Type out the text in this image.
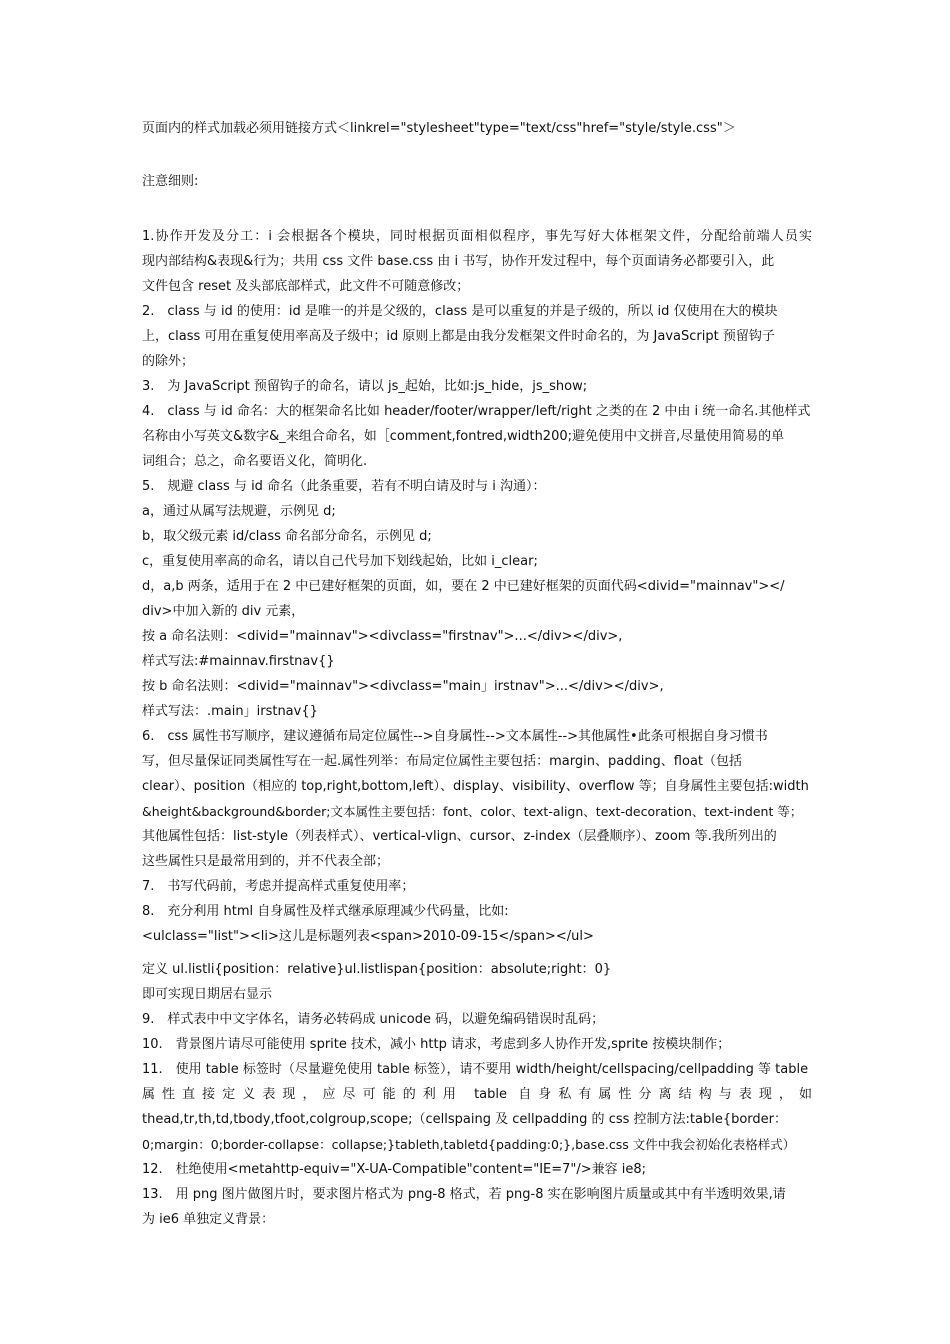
页面内的样式加载必须用链接方式＜linkrel="stylesheet"type="text/css"href="style/style.css"＞
注意细则:
1.协作开发及分工：i 会根据各个模块，同时根据页面相似程序，事先写好大体框架文件，分配给前端人员实
现内部结构&表现&行为；共用 css 文件 base.css 由 i 书写，协作开发过程中，每个页面请务必都要引入，此
文件包含 reset 及头部底部样式，此文件不可随意修改；
2.　class 与 id 的使用：id 是唯一的并是父级的，class 是可以重复的并是子级的，所以 id 仅使用在大的模块
上，class 可用在重复使用率高及子级中；id 原则上都是由我分发框架文件时命名的，为 JavaScript 预留钩子
的除外；
3.　为 JavaScript 预留钩子的命名，请以 js_起始，比如:js_hide，js_show;
4.　class 与 id 命名：大的框架命名比如 header/footer/wrapper/left/right 之类的在 2 中由 i 统一命名.其他样式
名称由小写英文&数字&_来组合命名，如［comment,fontred,width200;避免使用中文拼音,尽量使用简易的单
词组合；总之，命名要语义化，简明化.
5.　规避 class 与 id 命名（此条重要，若有不明白请及时与 i 沟通）：
a，通过从属写法规避，示例见 d;
b，取父级元素 id/class 命名部分命名，示例见 d;
c，重复使用率高的命名，请以自己代号加下划线起始，比如 i_clear;
d，a,b 两条，适用于在 2 中已建好框架的页面，如，要在 2 中已建好框架的页面代码<divid="mainnav"></
div>中加入新的 div 元素，
按 a 命名法则：<divid="mainnav"><divclass="firstnav">...</div></div>,
样式写法:#mainnav.firstnav{}
按 b 命名法则：<divid="mainnav"><divclass="main」irstnav">...</div></div>,
样式写法：.main」irstnav{}
6.　css 属性书写顺序，建议遵循布局定位属性-->自身属性-->文本属性-->其他属性•此条可根据自身习惯书
写，但尽量保证同类属性写在一起.属性列举：布局定位属性主要包括：margin、padding、float（包括
clear）、position（相应的 top,right,bottom,left）、display、visibility、overflow 等；自身属性主要包括:width
&height&background&border;文本属性主要包括：font、color、text-align、text-decoration、text-indent 等；
其他属性包括：list-style（列表样式）、vertical-vlign、cursor、z-index（层叠顺序）、zoom 等.我所列出的
这些属性只是最常用到的，并不代表全部；
7.　书写代码前，考虑并提高样式重复使用率；
8.　充分利用 html 自身属性及样式继承原理减少代码量，比如:
<ulclass="list"><li>这儿是标题列表<span>2010-09-15</span></ul>
定义 ul.listli{position：relative}ul.listlispan{position：absolute;right：0}
即可实现日期居右显示
9.　样式表中中文字体名，请务必转码成 unicode 码，以避免编码错误时乱码；
10.　背景图片请尽可能使用 sprite 技术，减小 http 请求，考虑到多人协作开发,sprite 按模块制作；
11.　使用 table 标签时（尽量避免使用 table 标签），请不要用 width/height/cellspacing/cellpadding 等 table
属性直接定义表现，应尽可能的利用 table 自身私有属性分离结构与表现，如
thead,tr,th,td,tbody,tfoot,colgroup,scope;（cellspaing 及 cellpadding 的 css 控制方法:table{border：
0;margin：0;border-collapse：collapse;}tableth,tabletd{padding:0;},base.css 文件中我会初始化表格样式）
12.　杜绝使用<metahttp-equiv="X-UA-Compatible"content="IE=7"/>兼容 ie8;
13.　用 png 图片做图片时，要求图片格式为 png-8 格式，若 png-8 实在影响图片质量或其中有半透明效果,请
为 ie6 单独定义背景：
